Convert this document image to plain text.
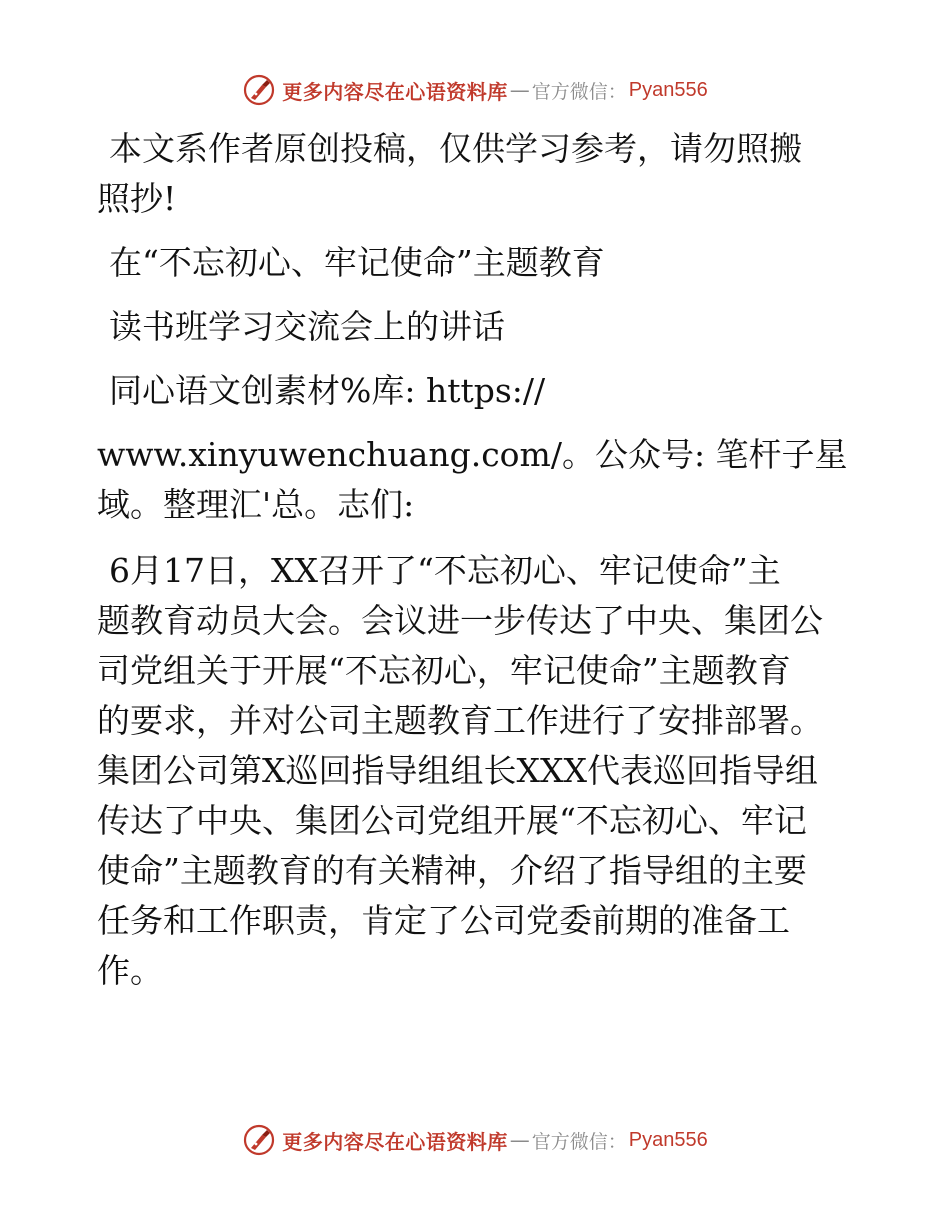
更多内容尽在心语资料库 — 官方微信： Pyan556

本文系作者原创投稿，仅供学习参考，请勿照搬

照抄!

在“不忘初心、牢记使命”主题教育

读书班学习交流会上的讲话

同心语文创素材%库: https://

www.xinyuwenchuang.com/。公众号: 笔杆子星

域。整理汇'总。志们:

6月17日，XX召开了“不忘初心、牢记使命”主

题教育动员大会。会议进一步传达了中央、集团公

司党组关于开展“不忘初心，牢记使命”主题教育

的要求，并对公司主题教育工作进行了安排部署。

集团公司第X巡回指导组组长XXX代表巡回指导组

传达了中央、集团公司党组开展“不忘初心、牢记

使命”主题教育的有关精神，介绍了指导组的主要

任务和工作职责，肯定了公司党委前期的准备工

作。

更多内容尽在心语资料库 — 官方微信： Pyan556
